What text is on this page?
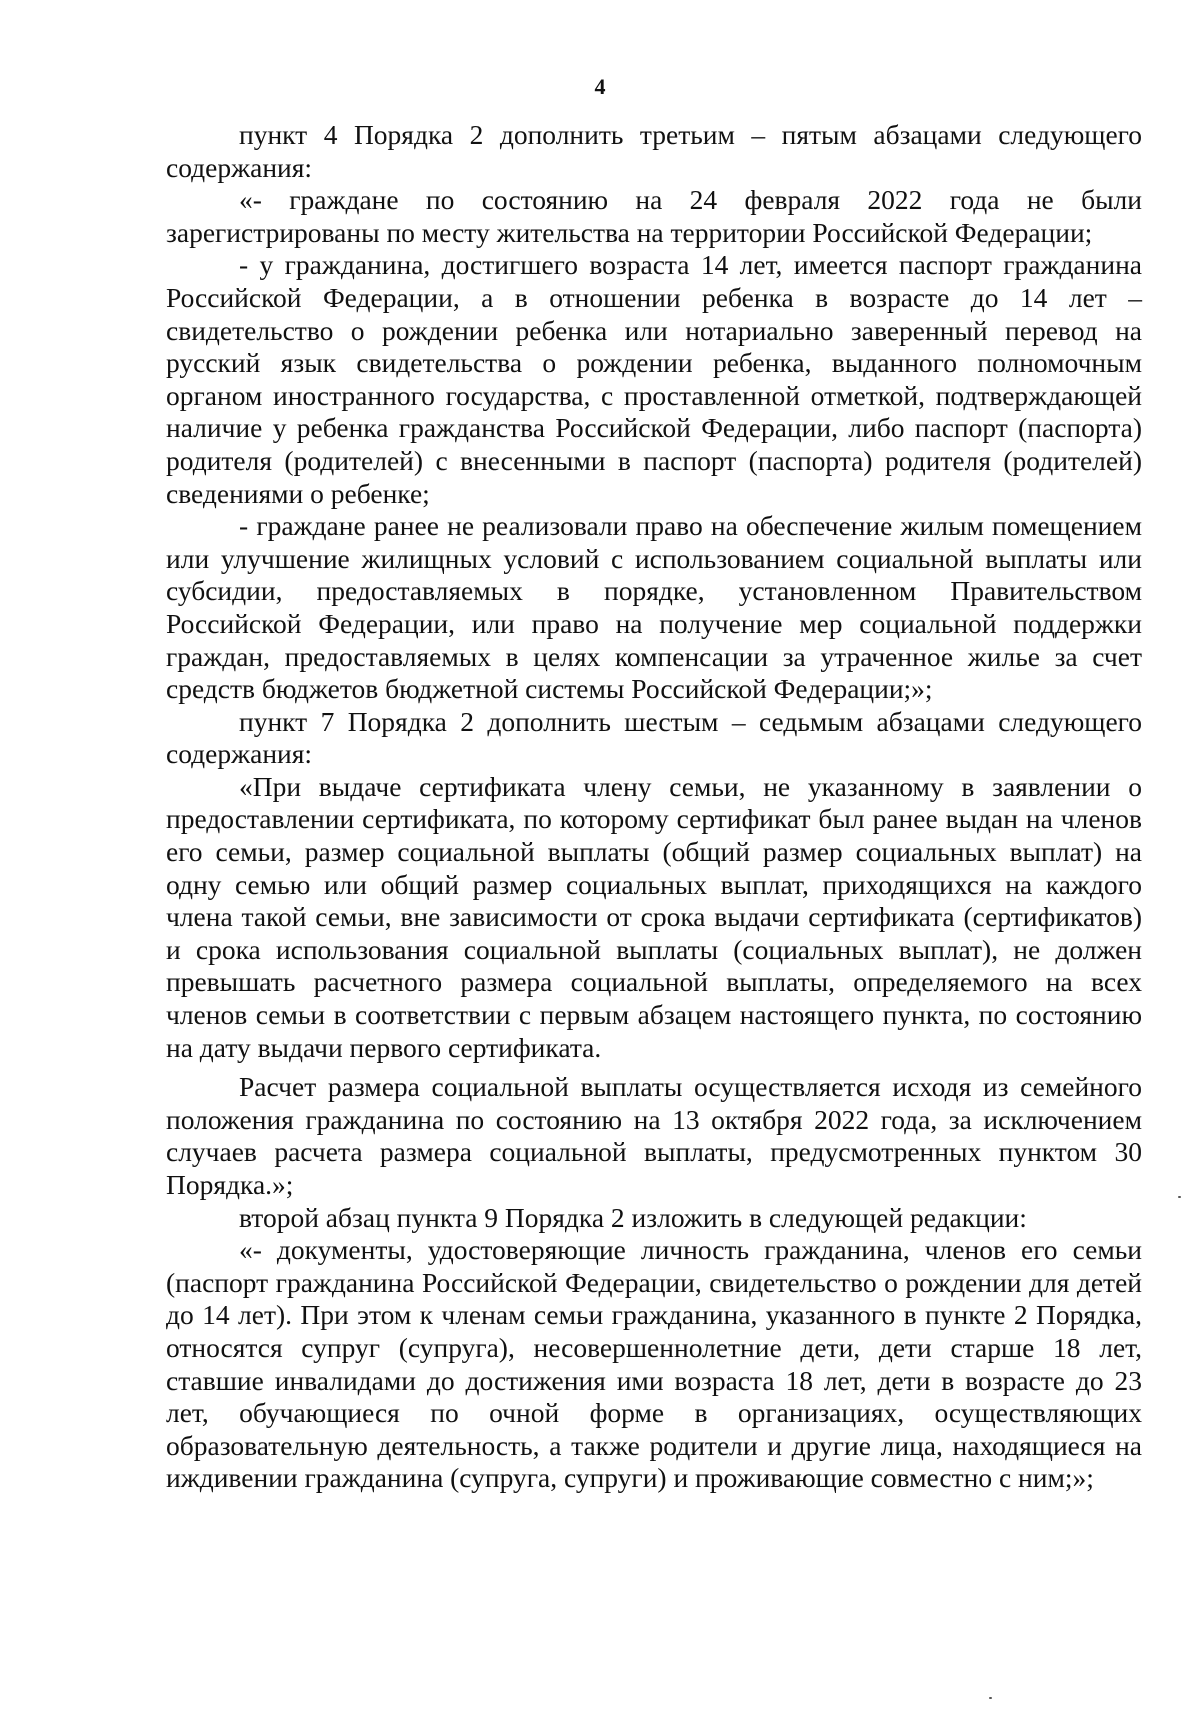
4

пункт 4 Порядка 2 дополнить третьим – пятым абзацами следующего содержания:

«- граждане по состоянию на 24 февраля 2022 года не были зарегистрированы по месту жительства на территории Российской Федерации;

- у гражданина, достигшего возраста 14 лет, имеется паспорт гражданина Российской Федерации, а в отношении ребенка в возрасте до 14 лет – свидетельство о рождении ребенка или нотариально заверенный перевод на русский язык свидетельства о рождении ребенка, выданного полномочным органом иностранного государства, с проставленной отметкой, подтверждающей наличие у ребенка гражданства Российской Федерации, либо паспорт (паспорта) родителя (родителей) с внесенными в паспорт (паспорта) родителя (родителей) сведениями о ребенке;

- граждане ранее не реализовали право на обеспечение жилым помещением или улучшение жилищных условий с использованием социальной выплаты или субсидии, предоставляемых в порядке, установленном Правительством Российской Федерации, или право на получение мер социальной поддержки граждан, предоставляемых в целях компенсации за утраченное жилье за счет средств бюджетов бюджетной системы Российской Федерации;»;

пункт 7 Порядка 2 дополнить шестым – седьмым абзацами следующего содержания:

«При выдаче сертификата члену семьи, не указанному в заявлении о предоставлении сертификата, по которому сертификат был ранее выдан на членов его семьи, размер социальной выплаты (общий размер социальных выплат) на одну семью или общий размер социальных выплат, приходящихся на каждого члена такой семьи, вне зависимости от срока выдачи сертификата (сертификатов) и срока использования социальной выплаты (социальных выплат), не должен превышать расчетного размера социальной выплаты, определяемого на всех членов семьи в соответствии с первым абзацем настоящего пункта, по состоянию на дату выдачи первого сертификата.

Расчет размера социальной выплаты осуществляется исходя из семейного положения гражданина по состоянию на 13 октября 2022 года, за исключением случаев расчета размера социальной выплаты, предусмотренных пунктом 30 Порядка.»;

второй абзац пункта 9 Порядка 2 изложить в следующей редакции:

«- документы, удостоверяющие личность гражданина, членов его семьи (паспорт гражданина Российской Федерации, свидетельство о рождении для детей до 14 лет). При этом к членам семьи гражданина, указанного в пункте 2 Порядка, относятся супруг (супруга), несовершеннолетние дети, дети старше 18 лет, ставшие инвалидами до достижения ими возраста 18 лет, дети в возрасте до 23 лет, обучающиеся по очной форме в организациях, осуществляющих образовательную деятельность, а также родители и другие лица, находящиеся на иждивении гражданина (супруга, супруги) и проживающие совместно с ним;»;
